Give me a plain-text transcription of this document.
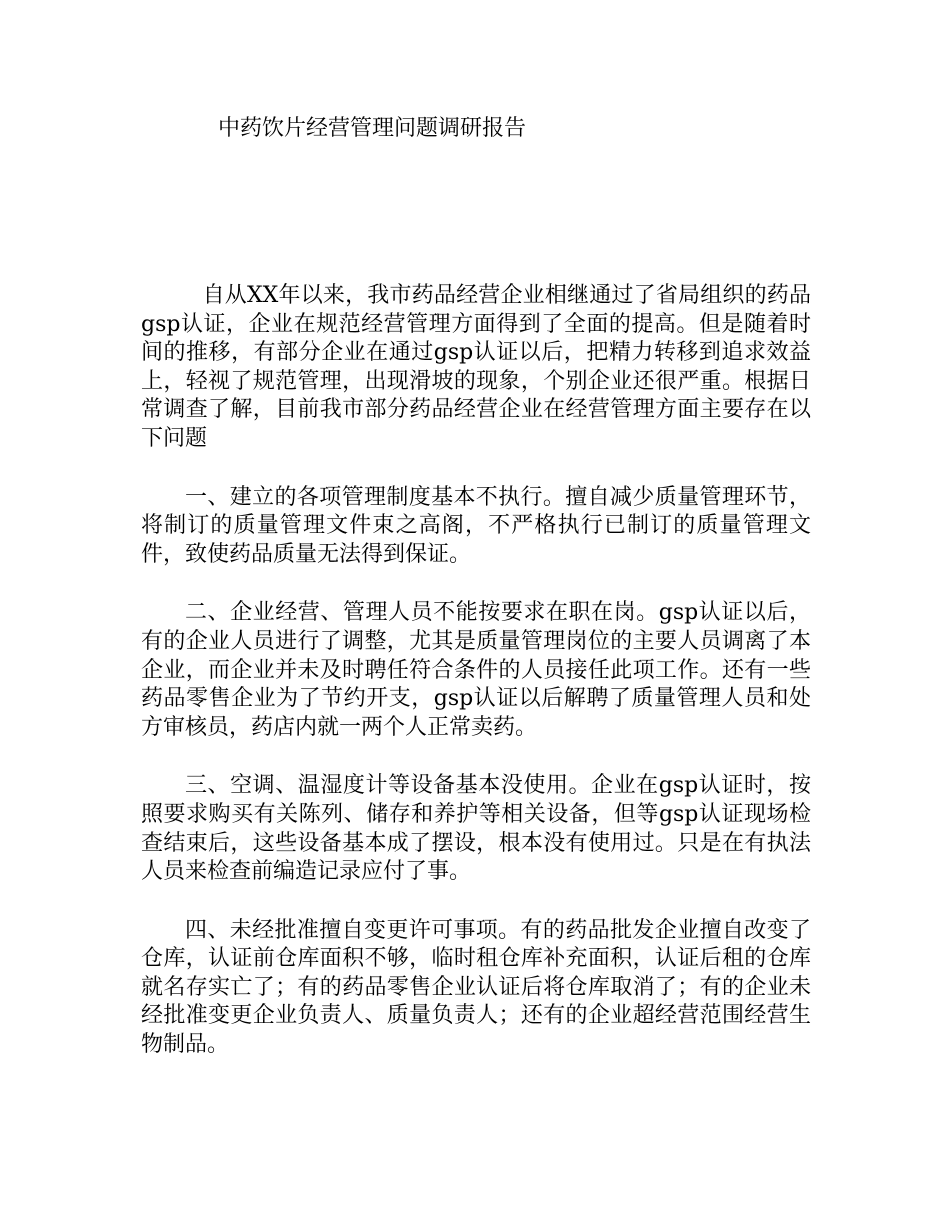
中药饮片经营管理问题调研报告

自从XX年以来，我市药品经营企业相继通过了省局组织的药品gsp认证，企业在规范经营管理方面得到了全面的提高。但是随着时间的推移，有部分企业在通过gsp认证以后，把精力转移到追求效益上，轻视了规范管理，出现滑坡的现象，个别企业还很严重。根据日常调查了解，目前我市部分药品经营企业在经营管理方面主要存在以下问题

一、建立的各项管理制度基本不执行。擅自减少质量管理环节，将制订的质量管理文件束之高阁，不严格执行已制订的质量管理文件，致使药品质量无法得到保证。

二、企业经营、管理人员不能按要求在职在岗。gsp认证以后，有的企业人员进行了调整，尤其是质量管理岗位的主要人员调离了本企业，而企业并未及时聘任符合条件的人员接任此项工作。还有一些药品零售企业为了节约开支，gsp认证以后解聘了质量管理人员和处方审核员，药店内就一两个人正常卖药。

三、空调、温湿度计等设备基本没使用。企业在gsp认证时，按照要求购买有关陈列、储存和养护等相关设备，但等gsp认证现场检查结束后，这些设备基本成了摆设，根本没有使用过。只是在有执法人员来检查前编造记录应付了事。

四、未经批准擅自变更许可事项。有的药品批发企业擅自改变了仓库，认证前仓库面积不够，临时租仓库补充面积，认证后租的仓库就名存实亡了；有的药品零售企业认证后将仓库取消了；有的企业未经批准变更企业负责人、质量负责人；还有的企业超经营范围经营生物制品。
